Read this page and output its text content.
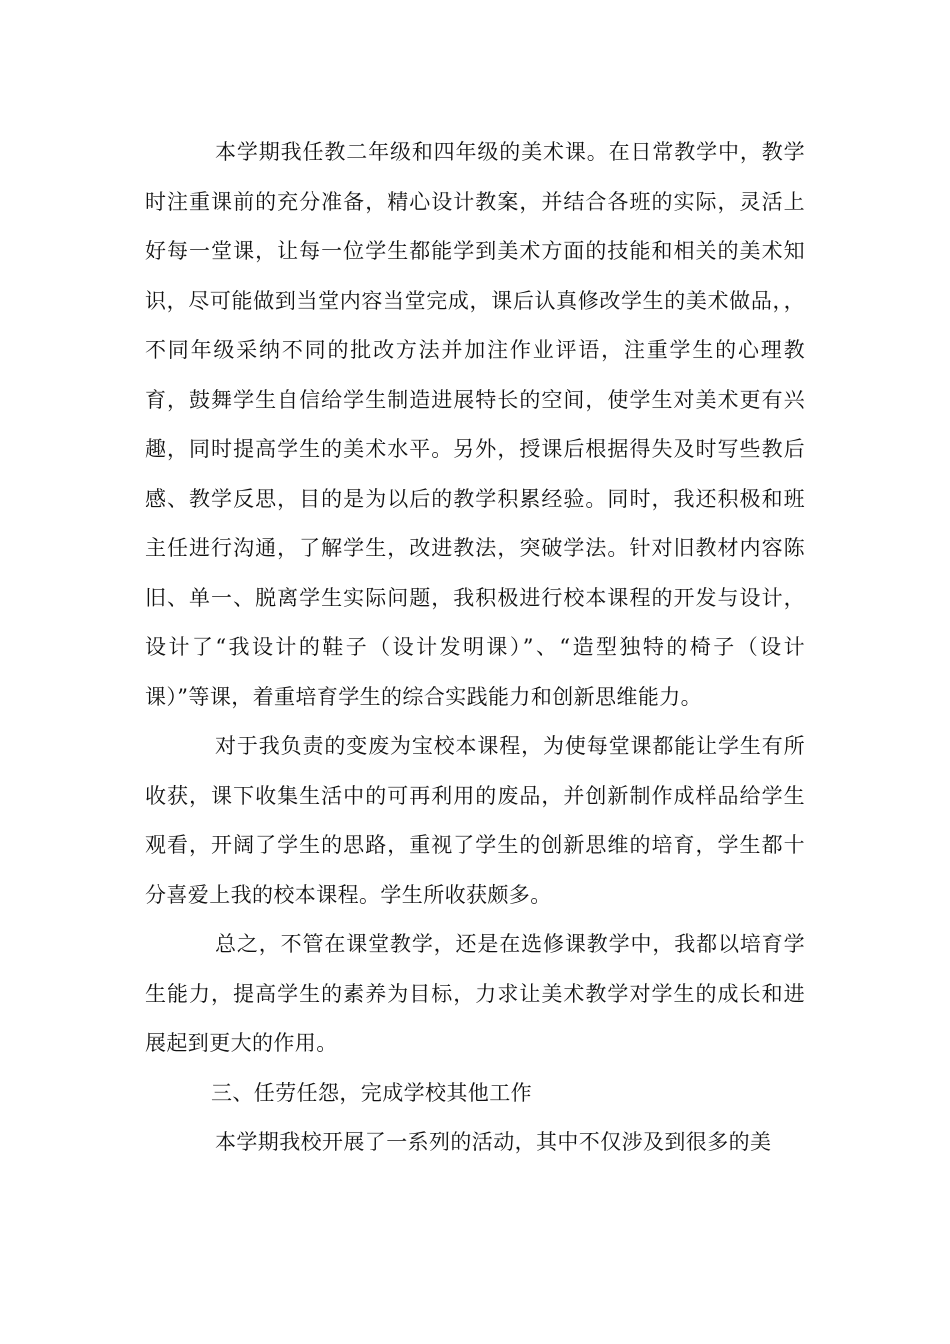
本学期我任教二年级和四年级的美术课。在日常教学中，教学时注重课前的充分准备，精心设计教案，并结合各班的实际，灵活上好每一堂课，让每一位学生都能学到美术方面的技能和相关的美术知识，尽可能做到当堂内容当堂完成，课后认真修改学生的美术做品，，不同年级采纳不同的批改方法并加注作业评语，注重学生的心理教育，鼓舞学生自信给学生制造进展特长的空间，使学生对美术更有兴趣，同时提高学生的美术水平。另外，授课后根据得失及时写些教后感、教学反思，目的是为以后的教学积累经验。同时，我还积极和班主任进行沟通，了解学生，改进教法，突破学法。针对旧教材内容陈旧、单一、脱离学生实际问题，我积极进行校本课程的开发与设计，设计了“我设计的鞋子（设计发明课）”、“造型独特的椅子（设计课）”等课，着重培育学生的综合实践能力和创新思维能力。

对于我负责的变废为宝校本课程，为使每堂课都能让学生有所收获，课下收集生活中的可再利用的废品，并创新制作成样品给学生观看，开阔了学生的思路，重视了学生的创新思维的培育，学生都十分喜爱上我的校本课程。学生所收获颇多。

总之，不管在课堂教学，还是在选修课教学中，我都以培育学生能力，提高学生的素养为目标，力求让美术教学对学生的成长和进展起到更大的作用。

三、任劳任怨，完成学校其他工作

本学期我校开展了一系列的活动，其中不仅涉及到很多的美
